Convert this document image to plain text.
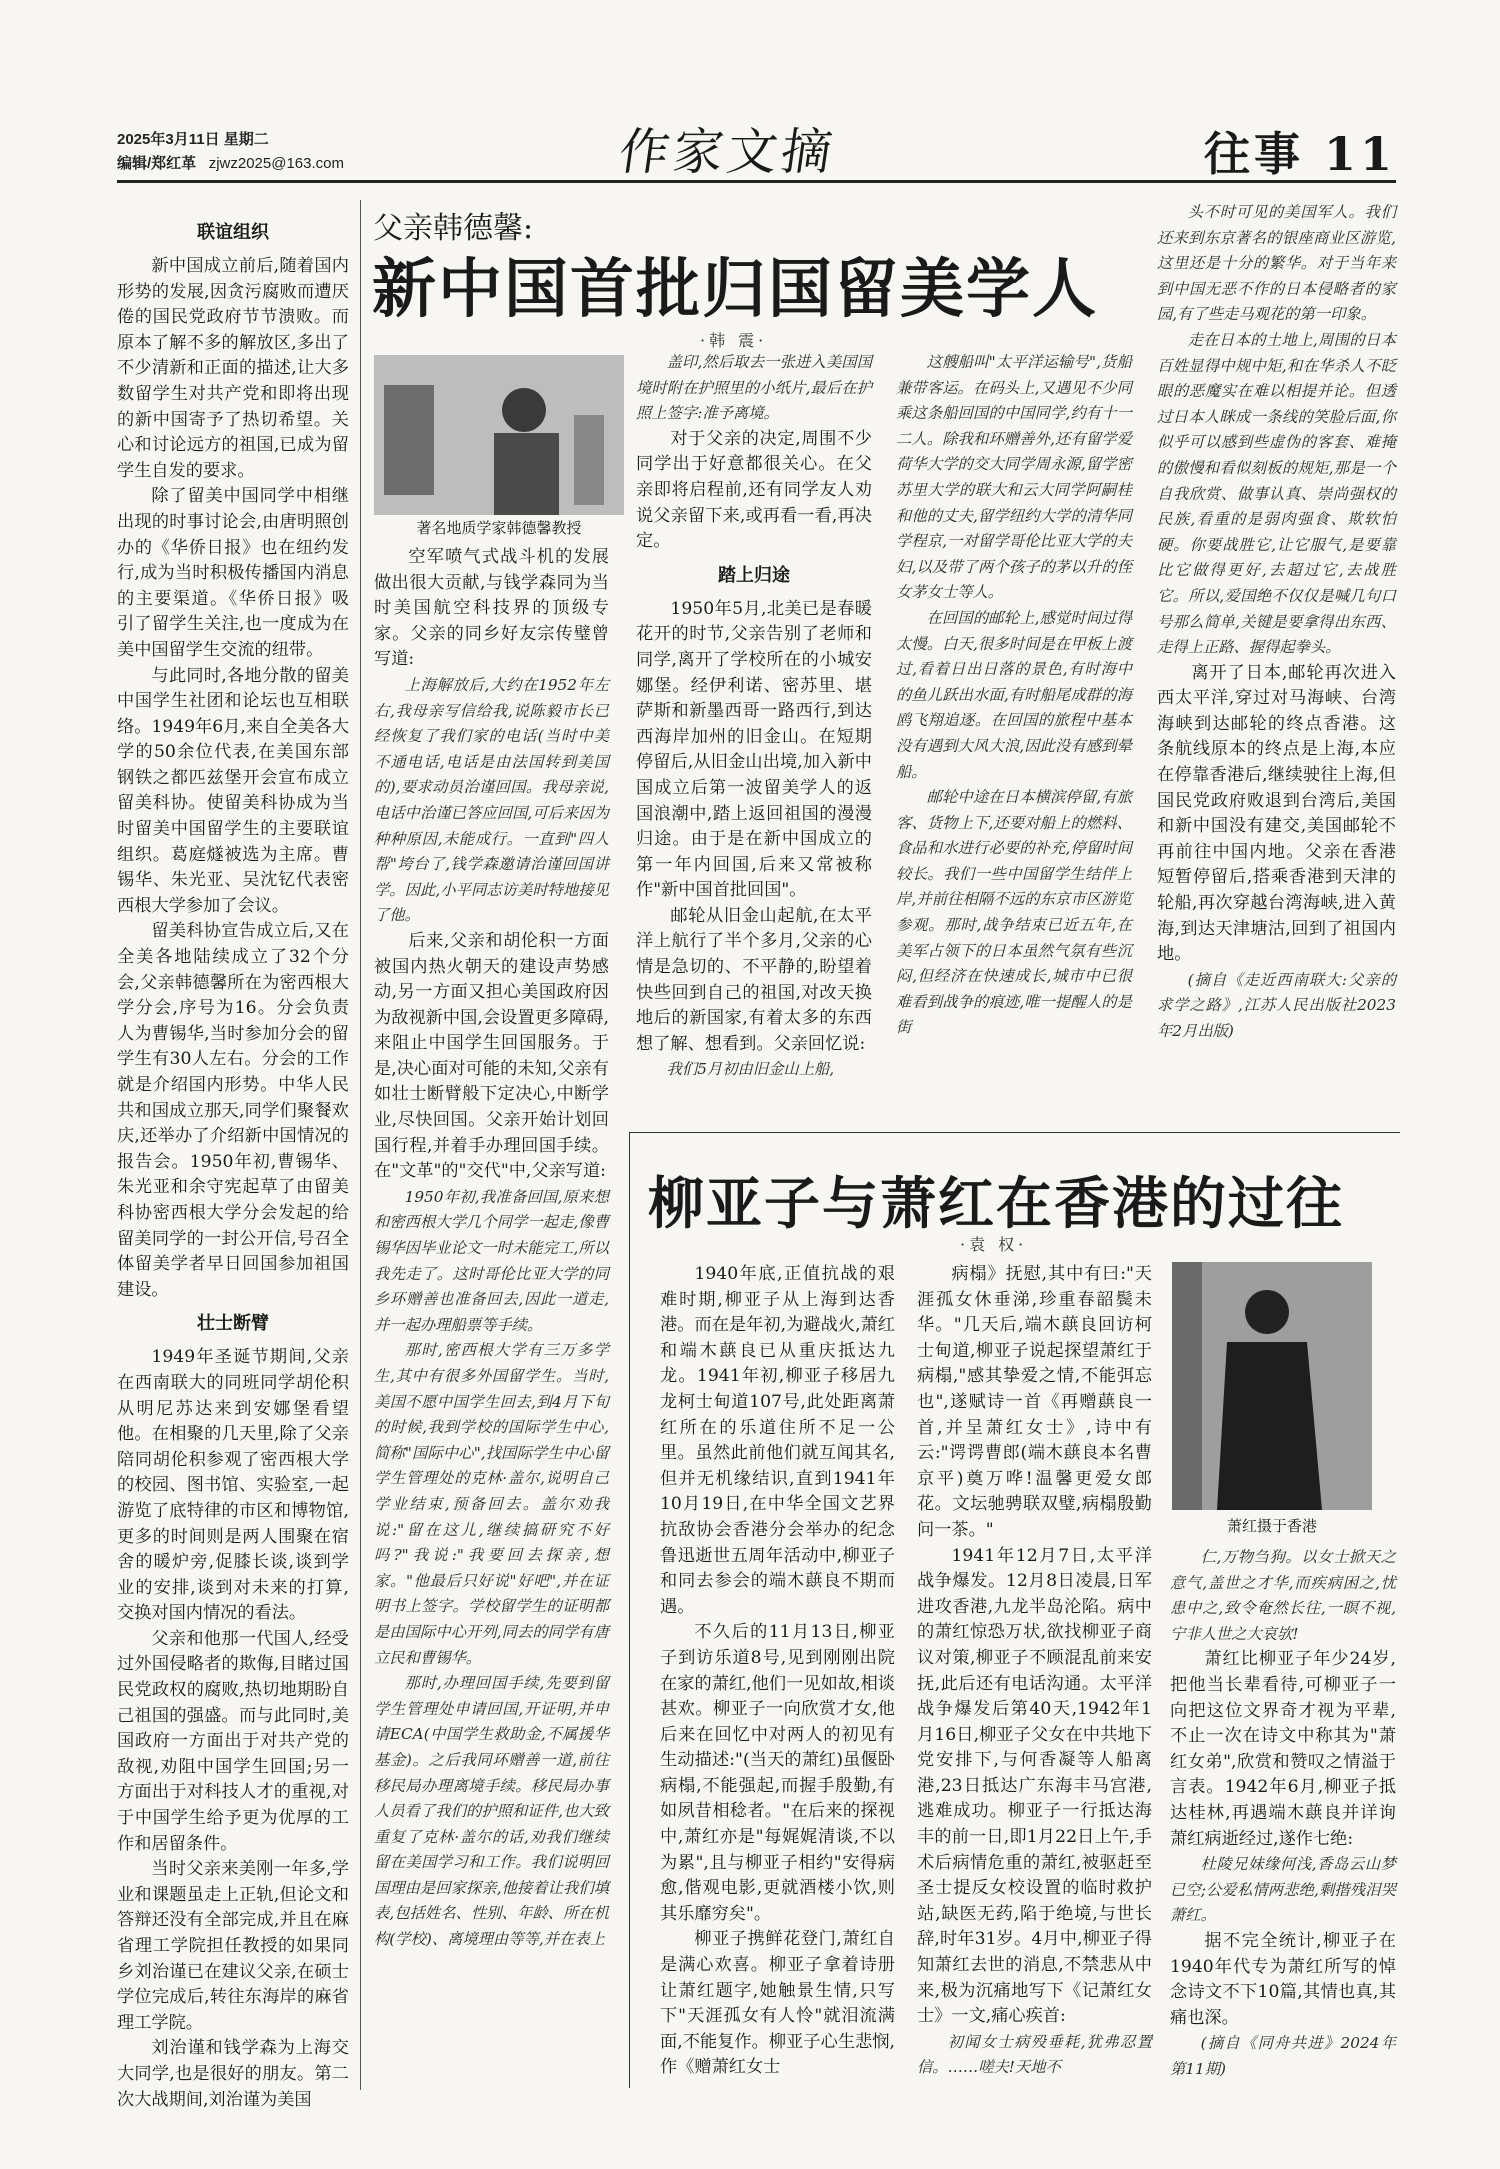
2025年3月11日 星期二
编辑/郑红革 zjwz2025@163.com	作家文摘	往事 11
父亲韩德馨:
新中国首批归国留美学人
·韩 震·
著名地质学家韩德馨教授
联谊组织

新中国成立前后,随着国内形势的发展,因贪污腐败而遭厌倦的国民党政府节节溃败。而原本了解不多的解放区,多出了不少清新和正面的描述,让大多数留学生对共产党和即将出现的新中国寄予了热切希望。关心和讨论远方的祖国,已成为留学生自发的要求。

除了留美中国同学中相继出现的时事讨论会,由唐明照创办的《华侨日报》也在纽约发行,成为当时积极传播国内消息的主要渠道。《华侨日报》吸引了留学生关注,也一度成为在美中国留学生交流的纽带。

与此同时,各地分散的留美中国学生社团和论坛也互相联络。1949年6月,来自全美各大学的50余位代表,在美国东部钢铁之都匹兹堡开会宣布成立留美科协。使留美科协成为当时留美中国留学生的主要联谊组织。葛庭燧被选为主席。曹锡华、朱光亚、吴沈钇代表密西根大学参加了会议。

留美科协宣告成立后,又在全美各地陆续成立了32个分会,父亲韩德馨所在为密西根大学分会,序号为16。分会负责人为曹锡华,当时参加分会的留学生有30人左右。分会的工作就是介绍国内形势。中华人民共和国成立那天,同学们聚餐欢庆,还举办了介绍新中国情况的报告会。1950年初,曹锡华、朱光亚和余守宪起草了由留美科协密西根大学分会发起的给留美同学的一封公开信,号召全体留美学者早日回国参加祖国建设。

壮士断臂

1949年圣诞节期间,父亲在西南联大的同班同学胡伦积从明尼苏达来到安娜堡看望他。在相聚的几天里,除了父亲陪同胡伦积参观了密西根大学的校园、图书馆、实验室,一起游览了底特律的市区和博物馆,更多的时间则是两人围聚在宿舍的暖炉旁,促膝长谈,谈到学业的安排,谈到对未来的打算,交换对国内情况的看法。

父亲和他那一代国人,经受过外国侵略者的欺侮,目睹过国民党政权的腐败,热切地期盼自己祖国的强盛。而与此同时,美国政府一方面出于对共产党的敌视,劝阻中国学生回国;另一方面出于对科技人才的重视,对于中国学生给予更为优厚的工作和居留条件。

当时父亲来美刚一年多,学业和课题虽走上正轨,但论文和答辩还没有全部完成,并且在麻省理工学院担任教授的如果同乡刘治谨已在建议父亲,在硕士学位完成后,转往东海岸的麻省理工学院。

刘治谨和钱学森为上海交大同学,也是很好的朋友。第二次大战期间,刘治谨为美国

空军喷气式战斗机的发展做出很大贡献,与钱学森同为当时美国航空科技界的顶级专家。父亲的同乡好友宗传璧曾写道:

上海解放后,大约在1952年左右,我母亲写信给我,说陈毅市长已经恢复了我们家的电话(当时中美不通电话,电话是由法国转到美国的),要求动员治谨回国。我母亲说,电话中治谨已答应回国,可后来因为种种原因,未能成行。一直到"四人帮"垮台了,钱学森邀请治谨回国讲学。因此,小平同志访美时特地接见了他。

后来,父亲和胡伦积一方面被国内热火朝天的建设声势感动,另一方面又担心美国政府因为敌视新中国,会设置更多障碍,来阻止中国学生回国服务。于是,决心面对可能的未知,父亲有如壮士断臂般下定决心,中断学业,尽快回国。父亲开始计划回国行程,并着手办理回国手续。在"文革"的"交代"中,父亲写道:

1950年初,我准备回国,原来想和密西根大学几个同学一起走,像曹锡华因毕业论文一时未能完工,所以我先走了。这时哥伦比亚大学的同乡环赠善也准备回去,因此一道走,并一起办理船票等手续。

那时,密西根大学有三万多学生,其中有很多外国留学生。当时,美国不愿中国学生回去,到4月下旬的时候,我到学校的国际学生中心,简称"国际中心",找国际学生中心留学生管理处的克林·盖尔,说明自己学业结束,预备回去。盖尔劝我说:"留在这儿,继续搞研究不好吗?"我说:"我要回去探亲,想家。"他最后只好说"好吧",并在证明书上签字。学校留学生的证明都是由国际中心开列,同去的同学有唐立民和曹锡华。

那时,办理回国手续,先要到留学生管理处申请回国,开证明,并申请ECA(中国学生救助金,不属援华基金)。之后我同环赠善一道,前往移民局办理离境手续。移民局办事人员看了我们的护照和证件,也大致重复了克林·盖尔的话,劝我们继续留在美国学习和工作。我们说明回国理由是回家探亲,他接着让我们填表,包括姓名、性别、年龄、所在机构(学校)、离境理由等等,并在表上

盖印,然后取去一张进入美国国境时附在护照里的小纸片,最后在护照上签字:准予离境。

对于父亲的决定,周围不少同学出于好意都很关心。在父亲即将启程前,还有同学友人劝说父亲留下来,或再看一看,再决定。

踏上归途

1950年5月,北美已是春暖花开的时节,父亲告别了老师和同学,离开了学校所在的小城安娜堡。经伊利诺、密苏里、堪萨斯和新墨西哥一路西行,到达西海岸加州的旧金山。在短期停留后,从旧金山出境,加入新中国成立后第一波留美学人的返国浪潮中,踏上返回祖国的漫漫归途。由于是在新中国成立的第一年内回国,后来又常被称作"新中国首批回国"。

邮轮从旧金山起航,在太平洋上航行了半个多月,父亲的心情是急切的、不平静的,盼望着快些回到自己的祖国,对改天换地后的新国家,有着太多的东西想了解、想看到。父亲回忆说:

我们5月初由旧金山上船,

这艘船叫"太平洋运输号",货船兼带客运。在码头上,又遇见不少同乘这条船回国的中国同学,约有十一二人。除我和环赠善外,还有留学爱荷华大学的交大同学周永源,留学密苏里大学的联大和云大同学阿嗣桂和他的丈夫,留学纽约大学的清华同学程京,一对留学哥伦比亚大学的夫妇,以及带了两个孩子的茅以升的侄女茅女士等人。

在回国的邮轮上,感觉时间过得太慢。白天,很多时间是在甲板上渡过,看着日出日落的景色,有时海中的鱼儿跃出水面,有时船尾成群的海鸥飞翔追逐。在回国的旅程中基本没有遇到大风大浪,因此没有感到晕船。

邮轮中途在日本横滨停留,有旅客、货物上下,还要对船上的燃料、食品和水进行必要的补充,停留时间较长。我们一些中国留学生结伴上岸,并前往相隔不远的东京市区游览参观。那时,战争结束已近五年,在美军占领下的日本虽然气氛有些沉闷,但经济在快速成长,城市中已很难看到战争的痕迹,唯一提醒人的是街

头不时可见的美国军人。我们还来到东京著名的银座商业区游览,这里还是十分的繁华。对于当年来到中国无恶不作的日本侵略者的家园,有了些走马观花的第一印象。

走在日本的土地上,周围的日本百姓显得中规中矩,和在华杀人不眨眼的恶魔实在难以相提并论。但透过日本人眯成一条线的笑脸后面,你似乎可以感到些虚伪的客套、难掩的傲慢和看似刻板的规矩,那是一个自我欣赏、做事认真、崇尚强权的民族,看重的是弱肉强食、欺软怕硬。你要战胜它,让它服气,是要靠比它做得更好,去超过它,去战胜它。所以,爱国绝不仅仅是喊几句口号那么简单,关键是要拿得出东西、走得上正路、握得起拳头。

离开了日本,邮轮再次进入西太平洋,穿过对马海峡、台湾海峡到达邮轮的终点香港。这条航线原本的终点是上海,本应在停靠香港后,继续驶往上海,但国民党政府败退到台湾后,美国和新中国没有建交,美国邮轮不再前往中国内地。父亲在香港短暂停留后,搭乘香港到天津的轮船,再次穿越台湾海峡,进入黄海,到达天津塘沽,回到了祖国内地。

(摘自《走近西南联大:父亲的求学之路》,江苏人民出版社2023年2月出版)

柳亚子与萧红在香港的过往
·袁 权·
萧红摄于香港

1940年底,正值抗战的艰难时期,柳亚子从上海到达香港。而在是年初,为避战火,萧红和端木蕻良已从重庆抵达九龙。1941年初,柳亚子移居九龙柯士甸道107号,此处距离萧红所在的乐道住所不足一公里。虽然此前他们就互闻其名,但并无机缘结识,直到1941年10月19日,在中华全国文艺界抗敌协会香港分会举办的纪念鲁迅逝世五周年活动中,柳亚子和同去参会的端木蕻良不期而遇。

不久后的11月13日,柳亚子到访乐道8号,见到刚刚出院在家的萧红,他们一见如故,相谈甚欢。柳亚子一向欣赏才女,他后来在回忆中对两人的初见有生动描述:"(当天的萧红)虽偃卧病榻,不能强起,而握手殷勤,有如夙昔相稔者。"在后来的探视中,萧红亦是"每娓娓清谈,不以为累",且与柳亚子相约"安得病愈,偕观电影,更就酒楼小饮,则其乐靡穷矣"。

柳亚子携鲜花登门,萧红自是满心欢喜。柳亚子拿着诗册让萧红题字,她触景生情,只写下"天涯孤女有人怜"就泪流满面,不能复作。柳亚子心生悲悯,作《赠萧红女士

病榻》抚慰,其中有曰:"天涯孤女休垂涕,珍重春韶鬓未华。"几天后,端木蕻良回访柯士甸道,柳亚子说起探望萧红于病榻,"感其挚爱之情,不能弭忘也",遂赋诗一首《再赠蕻良一首,并呈萧红女士》,诗中有云:"谔谔曹郎(端木蕻良本名曹京平)奠万哗!温馨更爱女郎花。文坛驰骋联双璧,病榻殷勤问一茶。"

1941年12月7日,太平洋战争爆发。12月8日凌晨,日军进攻香港,九龙半岛沦陷。病中的萧红惊恐万状,欲找柳亚子商议对策,柳亚子不顾混乱前来安抚,此后还有电话沟通。太平洋战争爆发后第40天,1942年1月16日,柳亚子父女在中共地下党安排下,与何香凝等人船离港,23日抵达广东海丰马宫港,逃难成功。柳亚子一行抵达海丰的前一日,即1月22日上午,手术后病情危重的萧红,被驱赶至圣士提反女校设置的临时救护站,缺医无药,陷于绝境,与世长辞,时年31岁。4月中,柳亚子得知萧红去世的消息,不禁悲从中来,极为沉痛地写下《记萧红女士》一文,痛心疾首:

初闻女士病殁垂耗,犹弗忍置信。……嗟夫!天地不

仁,万物刍狗。以女士掀天之意气,盖世之才华,而疾病困之,忧患中之,致令奄然长往,一瞑不视,宁非人世之大哀欤!

萧红比柳亚子年少24岁,把他当长辈看待,可柳亚子一向把这位文界奇才视为平辈,不止一次在诗文中称其为"萧红女弟",欣赏和赞叹之情溢于言表。1942年6月,柳亚子抵达桂林,再遇端木蕻良并详询萧红病逝经过,遂作七绝:

杜陵兄妹缘何浅,香岛云山梦已空;公爱私情两悲绝,剩揩残泪哭萧红。

据不完全统计,柳亚子在1940年代专为萧红所写的悼念诗文不下10篇,其情也真,其痛也深。

(摘自《同舟共进》2024年第11期)
